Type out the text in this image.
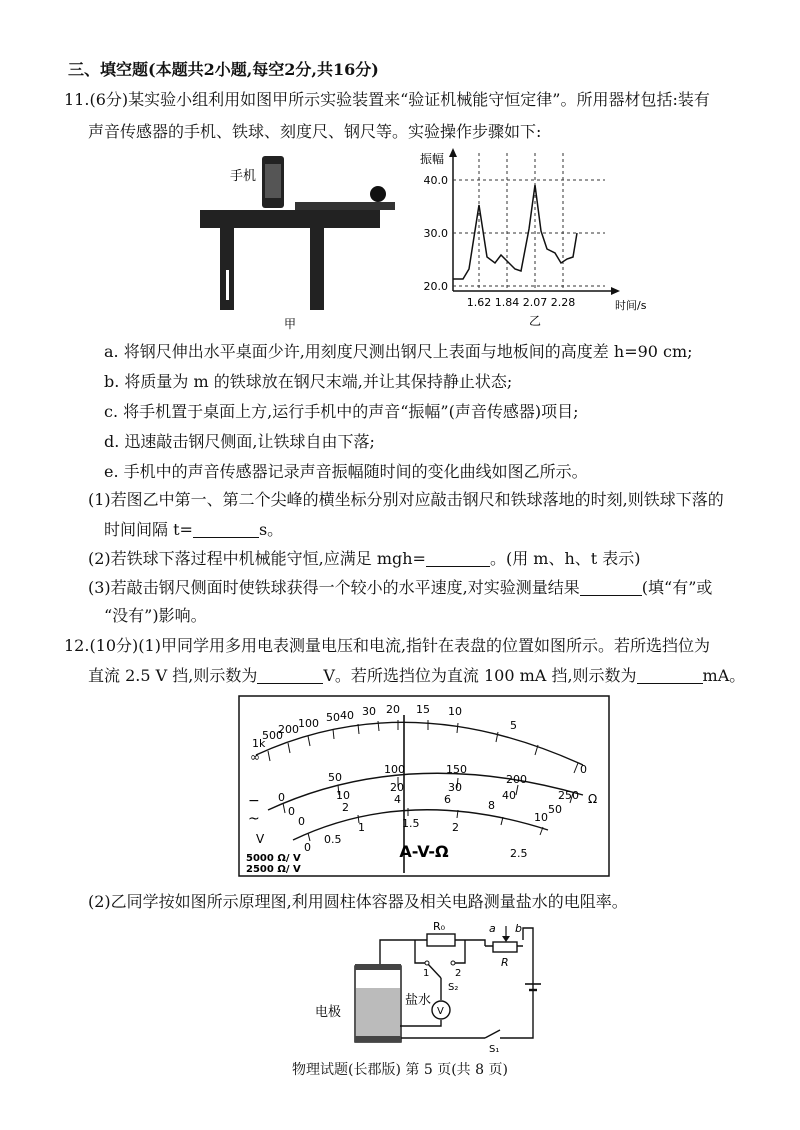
三、填空题(本题共2小题,每空2分,共16分)
11.(6分)某实验小组利用如图甲所示实验装置来“验证机械能守恒定律”。所用器材包括:装有
声音传感器的手机、铁球、刻度尺、钢尺等。实验操作步骤如下:
手机
甲
振幅
40.0
30.0
20.0
1.62 1.84 2.07 2.28	时间/s
乙
a. 将钢尺伸出水平桌面少许,用刻度尺测出钢尺上表面与地板间的高度差 h=90 cm;
b. 将质量为 m 的铁球放在钢尺末端,并让其保持静止状态;
c. 将手机置于桌面上方,运行手机中的声音“振幅”(声音传感器)项目;
d. 迅速敲击钢尺侧面,让铁球自由下落;
e. 手机中的声音传感器记录声音振幅随时间的变化曲线如图乙所示。
(1)若图乙中第一、第二个尖峰的横坐标分别对应敲击钢尺和铁球落地的时刻,则铁球下落的
时间间隔 t=	s。
(2)若铁球下落过程中机械能守恒,应满足 mgh=	。(用 m、h、t 表示)
(3)若敲击钢尺侧面时使铁球获得一个较小的水平速度,对实验测量结果	(填“有”或
“没有”)影响。
12.(10分)(1)甲同学用多用电表测量电压和电流,指针在表盘的位置如图所示。若所选挡位为
直流 2.5 V 挡,则示数为	V。若所选挡位为直流 100 mA 挡,则示数为	mA。
1k
500
200 100 50 40 30 20 15 10
5
0
∞
Ω
0
50
100	150
200
250
0
10
20	30
40
50
0
2
4	6	8
10
0
0.5
1	1.5	2
2.5
−
~
V
A-V-Ω
5000 Ω/ V
2500 Ω/ V
(2)乙同学按如图所示原理图,利用圆柱体容器及相关电路测量盐水的电阻率。
电极
盐水
R₀
R
a b
1	2
S₂
V
S₁
物理试题(长郡版) 第 5 页(共 8 页)
